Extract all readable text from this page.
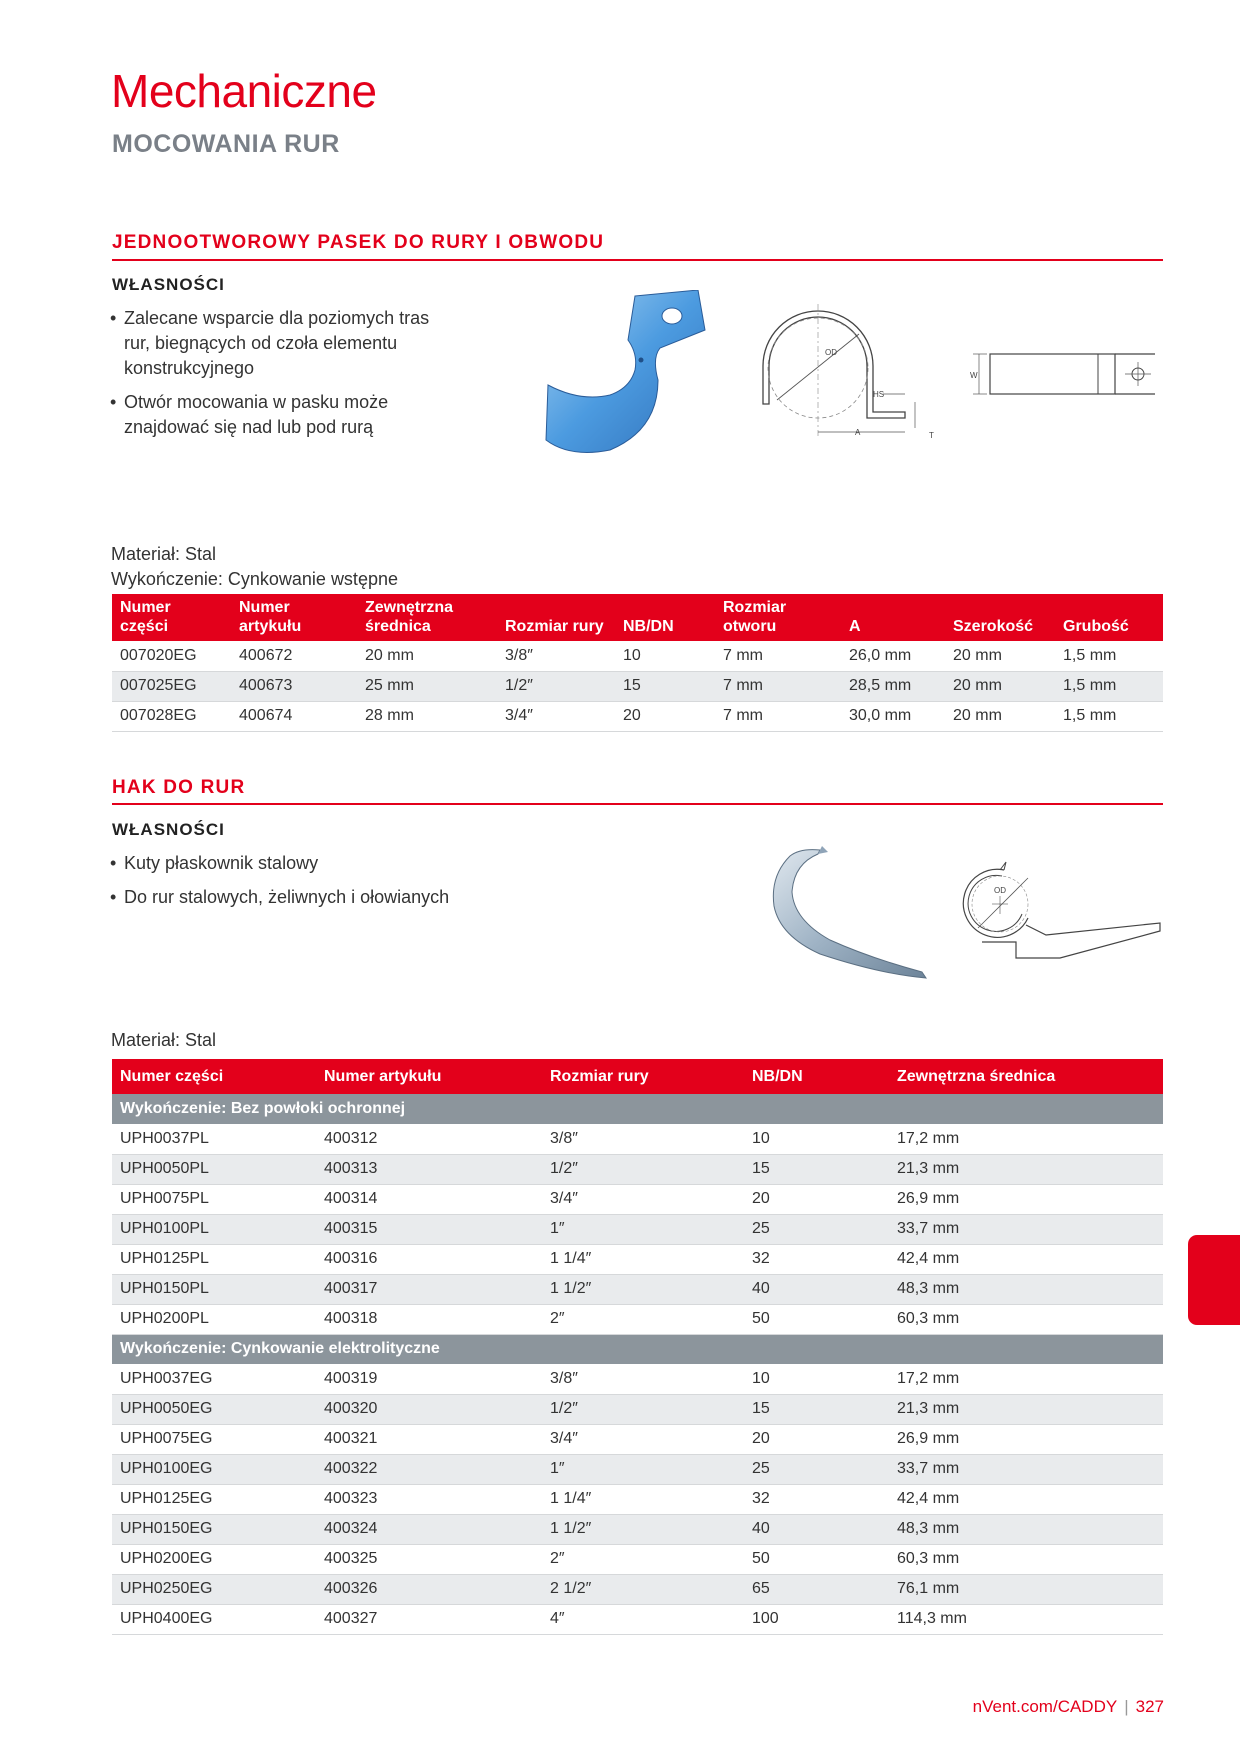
Mechaniczne
MOCOWANIA RUR
JEDNOOTWOROWY PASEK DO RURY I OBWODU
WŁASNOŚCI
• Zalecane wsparcie dla poziomych tras rur, biegnących od czoła elementu konstrukcyjnego
• Otwór mocowania w pasku może znajdować się nad lub pod rurą
OD
HS
A	T
W
Materiał: Stal
Wykończenie: Cynkowanie wstępne
Numer części	Numer artykułu	Zewnętrzna średnica	Rozmiar rury	NB/DN	Rozmiar otworu	A	Szerokość	Grubość
007020EG	400672	20 mm	3/8″	10	7 mm	26,0 mm	20 mm	1,5 mm
007025EG	400673	25 mm	1/2″	15	7 mm	28,5 mm	20 mm	1,5 mm
007028EG	400674	28 mm	3/4″	20	7 mm	30,0 mm	20 mm	1,5 mm
HAK DO RUR
WŁASNOŚCI
• Kuty płaskownik stalowy
• Do rur stalowych, żeliwnych i ołowianych	OD
Materiał: Stal
Numer części	Numer artykułu	Rozmiar rury	NB/DN	Zewnętrzna średnica
Wykończenie: Bez powłoki ochronnej				
UPH0037PL	400312	3/8″	10	17,2 mm
UPH0050PL	400313	1/2″	15	21,3 mm
UPH0075PL	400314	3/4″	20	26,9 mm
UPH0100PL	400315	1″	25	33,7 mm
UPH0125PL	400316	1 1/4″	32	42,4 mm
UPH0150PL	400317	1 1/2″	40	48,3 mm
UPH0200PL	400318	2″	50	60,3 mm
Wykończenie: Cynkowanie elektrolityczne				
UPH0037EG	400319	3/8″	10	17,2 mm
UPH0050EG	400320	1/2″	15	21,3 mm
UPH0075EG	400321	3/4″	20	26,9 mm
UPH0100EG	400322	1″	25	33,7 mm
UPH0125EG	400323	1 1/4″	32	42,4 mm
UPH0150EG	400324	1 1/2″	40	48,3 mm
UPH0200EG	400325	2″	50	60,3 mm
UPH0250EG	400326	2 1/2″	65	76,1 mm
UPH0400EG	400327	4″	100	114,3 mm
nVent.com/CADDY | 327
